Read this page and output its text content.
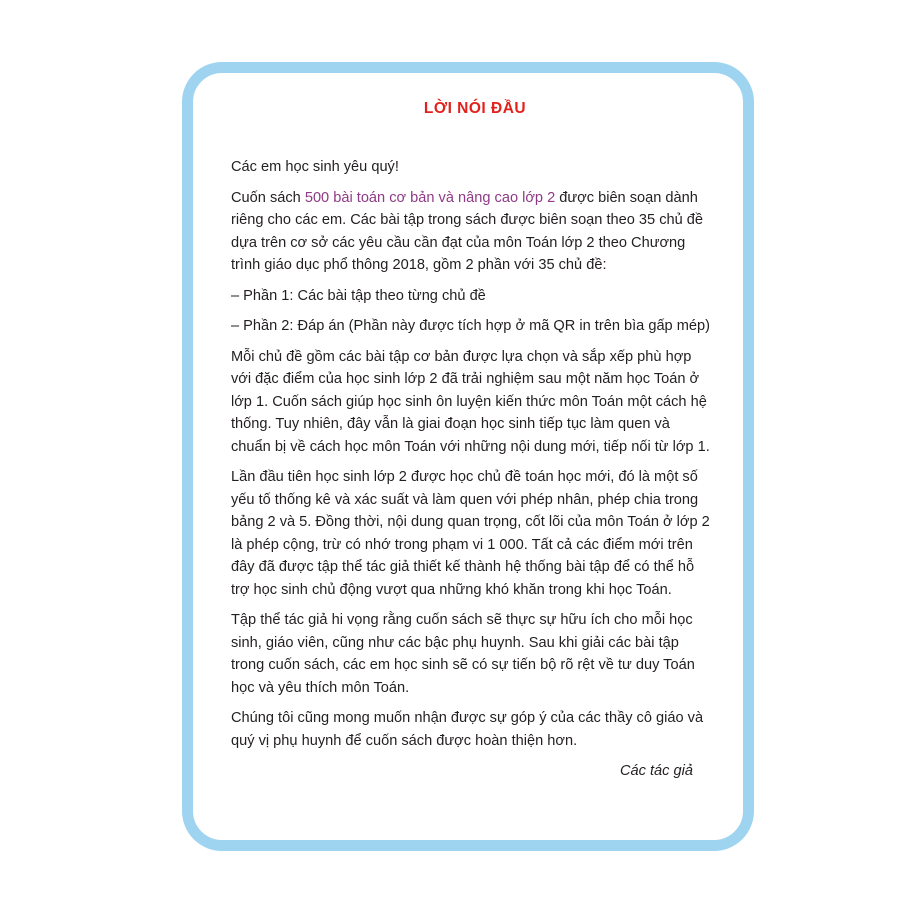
LỜI NÓI ĐẦU

Các em học sinh yêu quý!

Cuốn sách 500 bài toán cơ bản và nâng cao lớp 2 được biên soạn dành riêng cho các em. Các bài tập trong sách được biên soạn theo 35 chủ đề dựa trên cơ sở các yêu cầu cần đạt của môn Toán lớp 2 theo Chương trình giáo dục phổ thông 2018, gồm 2 phần với 35 chủ đề:

– Phần 1: Các bài tập theo từng chủ đề

– Phần 2: Đáp án (Phần này được tích hợp ở mã QR in trên bìa gấp mép)

Mỗi chủ đề gồm các bài tập cơ bản được lựa chọn và sắp xếp phù hợp với đặc điểm của học sinh lớp 2 đã trải nghiệm sau một năm học Toán ở lớp 1. Cuốn sách giúp học sinh ôn luyện kiến thức môn Toán một cách hệ thống. Tuy nhiên, đây vẫn là giai đoạn học sinh tiếp tục làm quen và chuẩn bị về cách học môn Toán với những nội dung mới, tiếp nối từ lớp 1.

Lần đầu tiên học sinh lớp 2 được học chủ đề toán học mới, đó là một số yếu tố thống kê và xác suất và làm quen với phép nhân, phép chia trong bảng 2 và 5. Đồng thời, nội dung quan trọng, cốt lõi của môn Toán ở lớp 2 là phép cộng, trừ có nhớ trong phạm vi 1 000. Tất cả các điểm mới trên đây đã được tập thể tác giả thiết kế thành hệ thống bài tập để có thể hỗ trợ học sinh chủ động vượt qua những khó khăn trong khi học Toán.

Tập thể tác giả hi vọng rằng cuốn sách sẽ thực sự hữu ích cho mỗi học sinh, giáo viên, cũng như các bậc phụ huynh. Sau khi giải các bài tập trong cuốn sách, các em học sinh sẽ có sự tiến bộ rõ rệt về tư duy Toán học và yêu thích môn Toán.

Chúng tôi cũng mong muốn nhận được sự góp ý của các thầy cô giáo và quý vị phụ huynh để cuốn sách được hoàn thiện hơn.

Các tác giả
